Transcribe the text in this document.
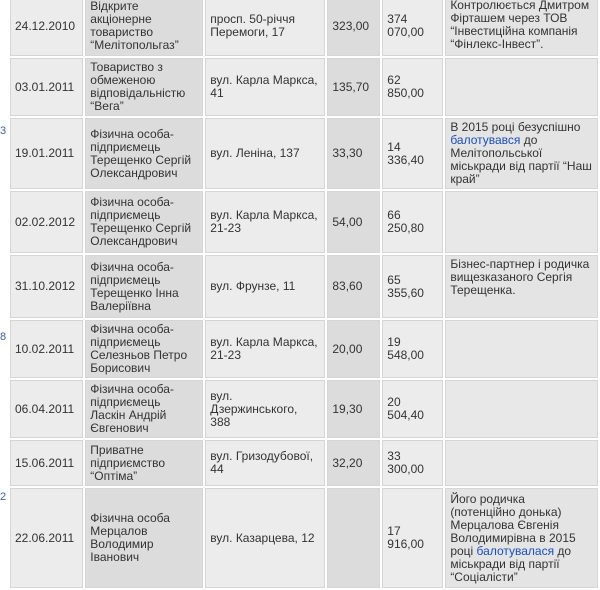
3
8
2
24.12.2010	Відкрите акціонерне товариство “Мелітопольгаз”	просп. 50-річчя Перемоги, 17	323,00	374 070,00	Контролюється Дмитром Фірташем через ТОВ “Інвестиційна компанія “Фінлекс-Інвест”.
03.01.2011	Товариство з обмеженою відповідальністю “Вега”	вул. Карла Маркса, 41	135,70	62 850,00	
19.01.2011	Фізична особа-підприємець Терещенко Сергій Олександрович	вул. Леніна, 137	33,30	14 336,40	В 2015 році безуспішно балотувався до Мелітопольської міськради від партії “Наш край”
02.02.2012	Фізична особа-підприємець Терещенко Сергій Олександрович	вул. Карла Маркса, 21-23	54,00	66 250,80	
31.10.2012	Фізична особа-підприємець Терещенко Інна Валеріївна	вул. Фрунзе, 11	83,60	65 355,60	Бізнес-партнер і родичка вищезказаного Сергія Терещенка.
10.02.2011	Фізична особа-підприємець Селезньов Петро Борисович	вул. Карла Маркса, 21-23	20,00	19 548,00	
06.04.2011	Фізична особа-підприємець Ласкін Андрій Євгенович	вул. Дзержинського, 388	19,30	20 504,40	
15.06.2011	Приватне підприємство “Оптіма”	вул. Гризодубової, 44	32,20	33 300,00	
22.06.2011	Фізична особа Мерцалов Володимир Іванович	вул. Казарцева, 12		17 916,00	Його родичка (потенційно донька) Мерцалова Євгенія Володимирівна в 2015 році балотувалася до міськради від партії “Соціалісти”
